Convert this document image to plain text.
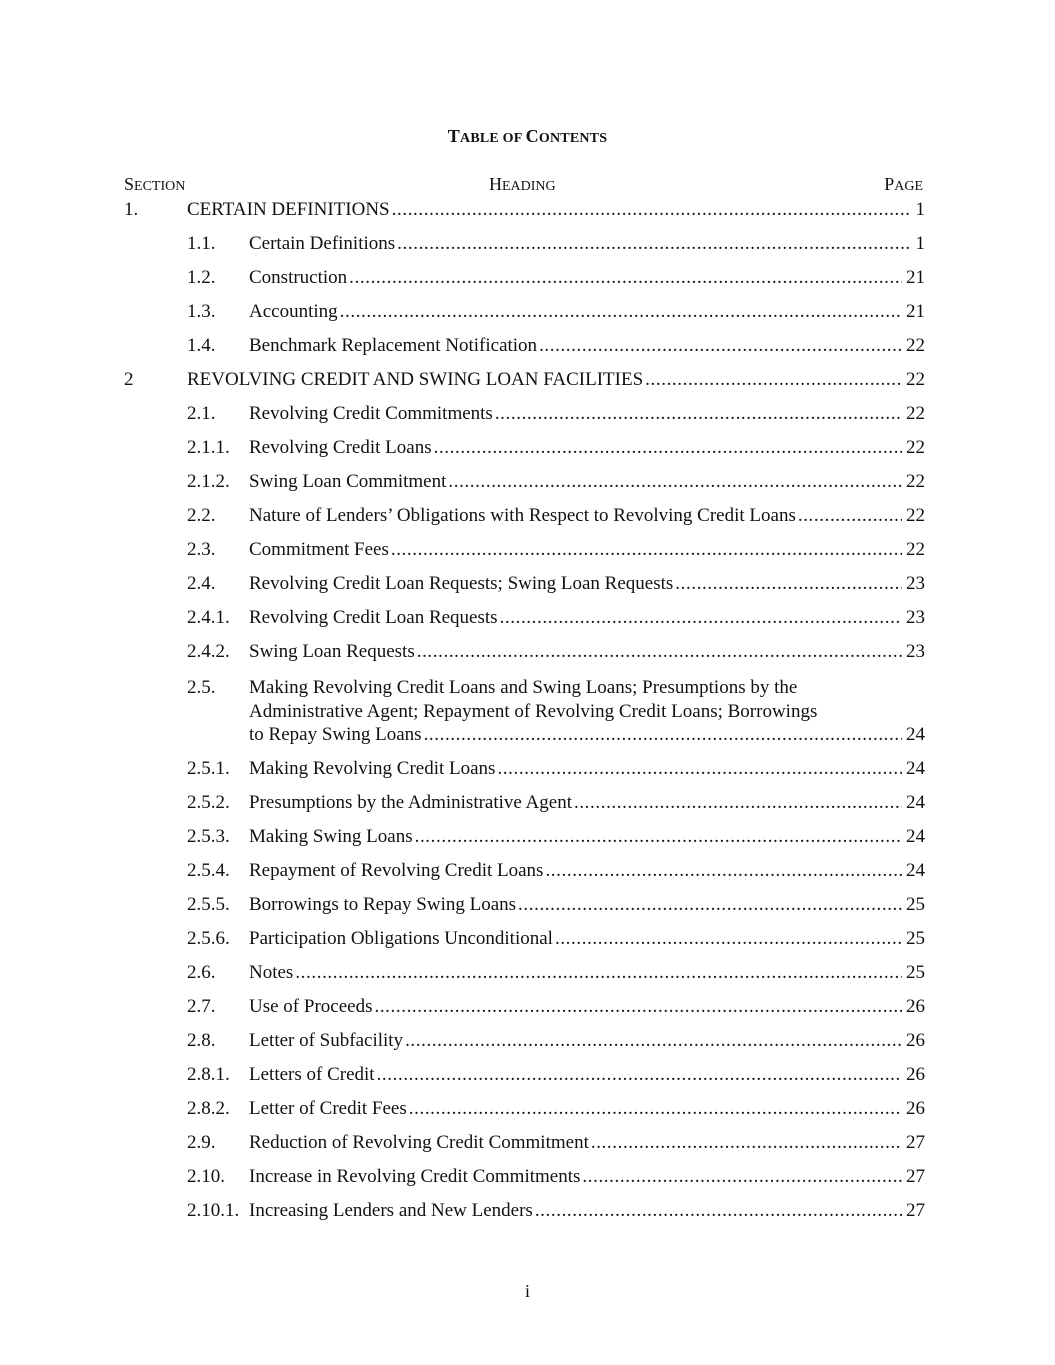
TABLE OF CONTENTS
SECTION	HEADING	PAGE
1.	CERTAIN DEFINITIONS .....	1
1.1. Certain Definitions .....	1
1.2. Construction .....	21
1.3. Accounting .....	21
1.4. Benchmark Replacement Notification .....	22
2	REVOLVING CREDIT AND SWING LOAN FACILITIES .....	22
2.1. Revolving Credit Commitments .....	22
2.1.1. Revolving Credit Loans .....	22
2.1.2. Swing Loan Commitment .....	22
2.2. Nature of Lenders’ Obligations with Respect to Revolving Credit Loans .....	22
2.3. Commitment Fees .....	22
2.4. Revolving Credit Loan Requests; Swing Loan Requests .....	23
2.4.1. Revolving Credit Loan Requests .....	23
2.4.2. Swing Loan Requests .....	23
2.5. Making Revolving Credit Loans and Swing Loans; Presumptions by the
Administrative Agent; Repayment of Revolving Credit Loans; Borrowings
to Repay Swing Loans .....	24
2.5.1. Making Revolving Credit Loans .....	24
2.5.2. Presumptions by the Administrative Agent .....	24
2.5.3. Making Swing Loans .....	24
2.5.4. Repayment of Revolving Credit Loans .....	24
2.5.5. Borrowings to Repay Swing Loans .....	25
2.5.6. Participation Obligations Unconditional .....	25
2.6. Notes .....	25
2.7. Use of Proceeds .....	26
2.8. Letter of Subfacility .....	26
2.8.1. Letters of Credit .....	26
2.8.2. Letter of Credit Fees .....	26
2.9. Reduction of Revolving Credit Commitment .....	27
2.10. Increase in Revolving Credit Commitments .....	27
2.10.1. Increasing Lenders and New Lenders .....	27
i
